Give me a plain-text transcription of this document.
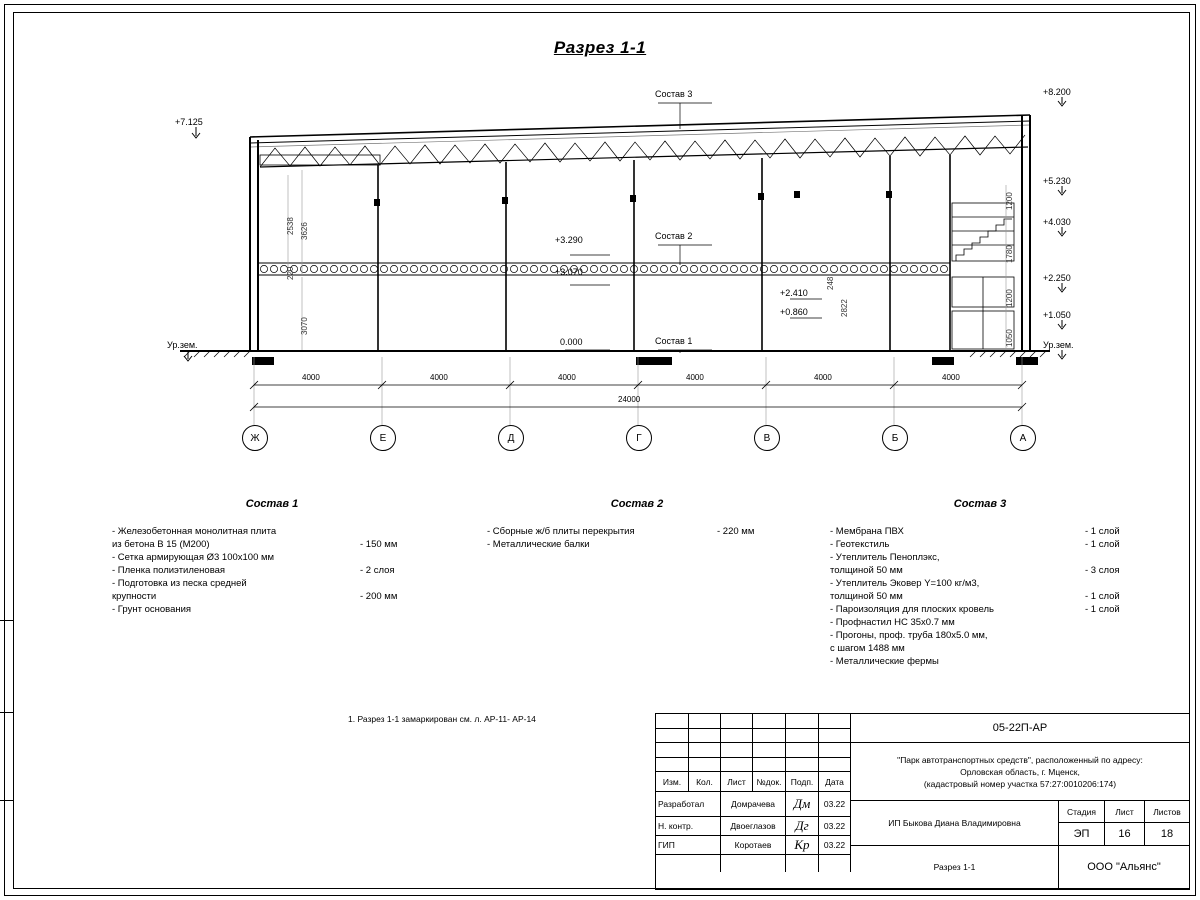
Разрез 1-1
+7.125
Ур.зем.
+8.200
+5.230
+4.030
+2.250
+1.050
Ур.зем.
+3.290
+3.070
0.000
+2.410
+0.860
Состав 3
Состав 2
Состав 1
2538 3626
220
3070
1200
1780
1200
1050
2822
248
4000	4000	4000	4000	4000	4000
24000
Ж	Е	Д	Г	В	Б	А
Состав 1
- Железобетонная монолитная плита
из бетона B 15 (M200)	- 150 мм
- Сетка армирующая Ø3 100x100 мм
- Пленка полиэтиленовая	- 2 слоя
- Подготовка из песка средней
крупности	- 200 мм
- Грунт основания
Состав 2
- Сборные ж/б плиты перекрытия	- 220 мм
- Металлические балки
Состав 3
- Мембрана ПВХ	- 1 слой
- Геотекстиль	- 1 слой
- Утеплитель Пеноплэкс,
толщиной 50 мм	- 3 слоя
- Утеплитель Эковер Y=100 кг/м3,
толщиной 50 мм	- 1 слой
- Пароизоляция для плоских кровель	- 1 слой
- Профнастил НС 35x0.7 мм
- Прогоны, проф. труба 180x5.0 мм,
с шагом 1488 мм
- Металлические фермы
1. Разрез 1-1 замаркирован см. л. АР-11- АР-14
05-22П-АР
"Парк автотранспортных средств", расположенный по адресу:
Орловская область, г. Мценск,
(кадастровый номер участка 57:27:0010206:174)
Изм.	Кол.	Лист	№док.	Подп.	Дата
Разработал	Домрачева	Дм	03.22
Н. контр.	Двоеглазов	Дг	03.22
ГИП	Коротаев	Кр	03.22
ИП Быкова Диана Владимировна
Разрез 1-1
Стадия	Лист	Листов
ЭП	16	18
ООО "Альянс"
